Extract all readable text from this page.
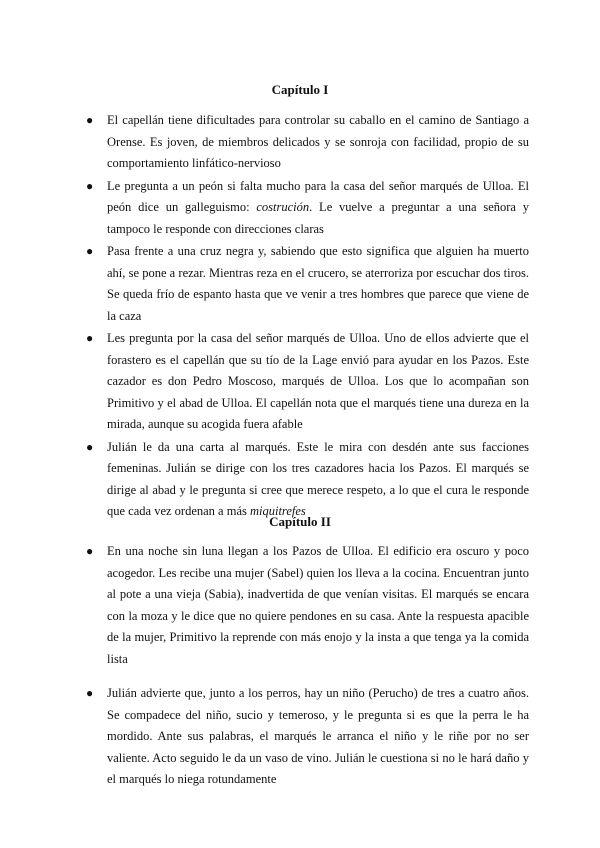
Capítulo I
● El capellán tiene dificultades para controlar su caballo en el camino de Santiago a Orense. Es joven, de miembros delicados y se sonroja con facilidad, propio de su comportamiento linfático-nervioso
● Le pregunta a un peón si falta mucho para la casa del señor marqués de Ulloa. El peón dice un galleguismo: costrución. Le vuelve a preguntar a una señora y tampoco le responde con direcciones claras
● Pasa frente a una cruz negra y, sabiendo que esto significa que alguien ha muerto ahí, se pone a rezar. Mientras reza en el crucero, se aterroriza por escuchar dos tiros. Se queda frío de espanto hasta que ve venir a tres hombres que parece que viene de la caza
● Les pregunta por la casa del señor marqués de Ulloa. Uno de ellos advierte que el forastero es el capellán que su tío de la Lage envió para ayudar en los Pazos. Este cazador es don Pedro Moscoso, marqués de Ulloa. Los que lo acompañan son Primitivo y el abad de Ulloa. El capellán nota que el marqués tiene una dureza en la mirada, aunque su acogida fuera afable
● Julián le da una carta al marqués. Este le mira con desdén ante sus facciones femeninas. Julián se dirige con los tres cazadores hacia los Pazos. El marqués se dirige al abad y le pregunta si cree que merece respeto, a lo que el cura le responde que cada vez ordenan a más miquitrefes
Capítulo II
● En una noche sin luna llegan a los Pazos de Ulloa. El edificio era oscuro y poco acogedor. Les recibe una mujer (Sabel) quien los lleva a la cocina. Encuentran junto al pote a una vieja (Sabia), inadvertida de que venían visitas. El marqués se encara con la moza y le dice que no quiere pendones en su casa. Ante la respuesta apacible de la mujer, Primitivo la reprende con más enojo y la insta a que tenga ya la comida lista
● Julián advierte que, junto a los perros, hay un niño (Perucho) de tres a cuatro años. Se compadece del niño, sucio y temeroso, y le pregunta si es que la perra le ha mordido. Ante sus palabras, el marqués le arranca el niño y le riñe por no ser valiente. Acto seguido le da un vaso de vino. Julián le cuestiona si no le hará daño y el marqués lo niega rotundamente
